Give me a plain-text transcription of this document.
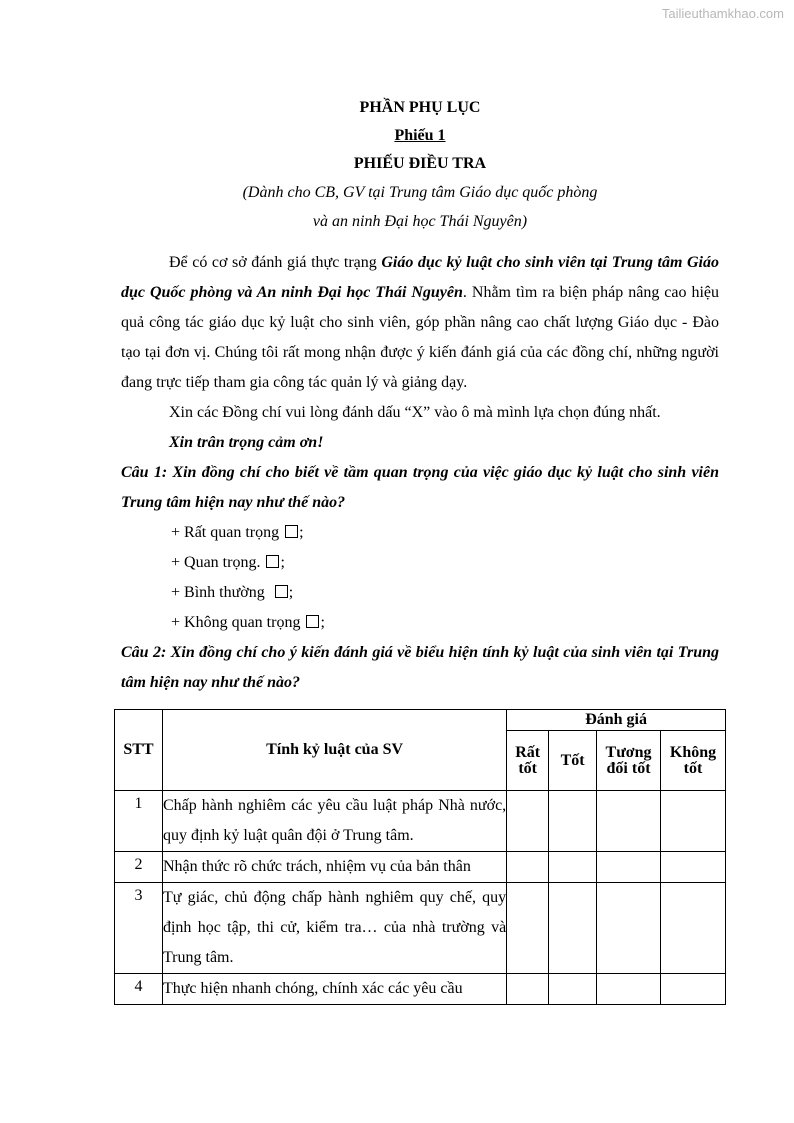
Tailieuthamkhao.com

PHẦN PHỤ LỤC

Phiếu 1

PHIẾU ĐIỀU TRA

(Dành cho CB, GV tại Trung tâm Giáo dục quốc phòng

và an ninh Đại học Thái Nguyên)

Để có cơ sở đánh giá thực trạng Giáo dục kỷ luật cho sinh viên tại Trung tâm Giáo dục Quốc phòng và An ninh Đại học Thái Nguyên. Nhằm tìm ra biện pháp nâng cao hiệu quả công tác giáo dục kỷ luật cho sinh viên, góp phần nâng cao chất lượng Giáo dục - Đào tạo tại đơn vị. Chúng tôi rất mong nhận được ý kiến đánh giá của các đồng chí, những người đang trực tiếp tham gia công tác quản lý và giảng dạy.

Xin các Đồng chí vui lòng đánh dấu “X” vào ô mà mình lựa chọn đúng nhất.

Xin trân trọng cảm ơn!

Câu 1: Xin đồng chí cho biết về tầm quan trọng của việc giáo dục kỷ luật cho sinh viên Trung tâm hiện nay như thế nào?

+ Rất quan trọng ;

+ Quan trọng. ;

+ Bình thường ;

+ Không quan trọng ;

Câu 2: Xin đồng chí cho ý kiến đánh giá về biểu hiện tính kỷ luật của sinh viên tại Trung tâm hiện nay như thế nào?

STT	Tính kỷ luật của SV	Đánh giá			
		Rất tốt	Tốt	Tương đối tốt	Không tốt
1	Chấp hành nghiêm các yêu cầu luật pháp Nhà nước, quy định kỷ luật quân đội ở Trung tâm.				
2	Nhận thức rõ chức trách, nhiệm vụ của bản thân				
3	Tự giác, chủ động chấp hành nghiêm quy chế, quy định học tập, thi cử, kiểm tra… của nhà trường và Trung tâm.				
4	Thực hiện nhanh chóng, chính xác các yêu cầu				
